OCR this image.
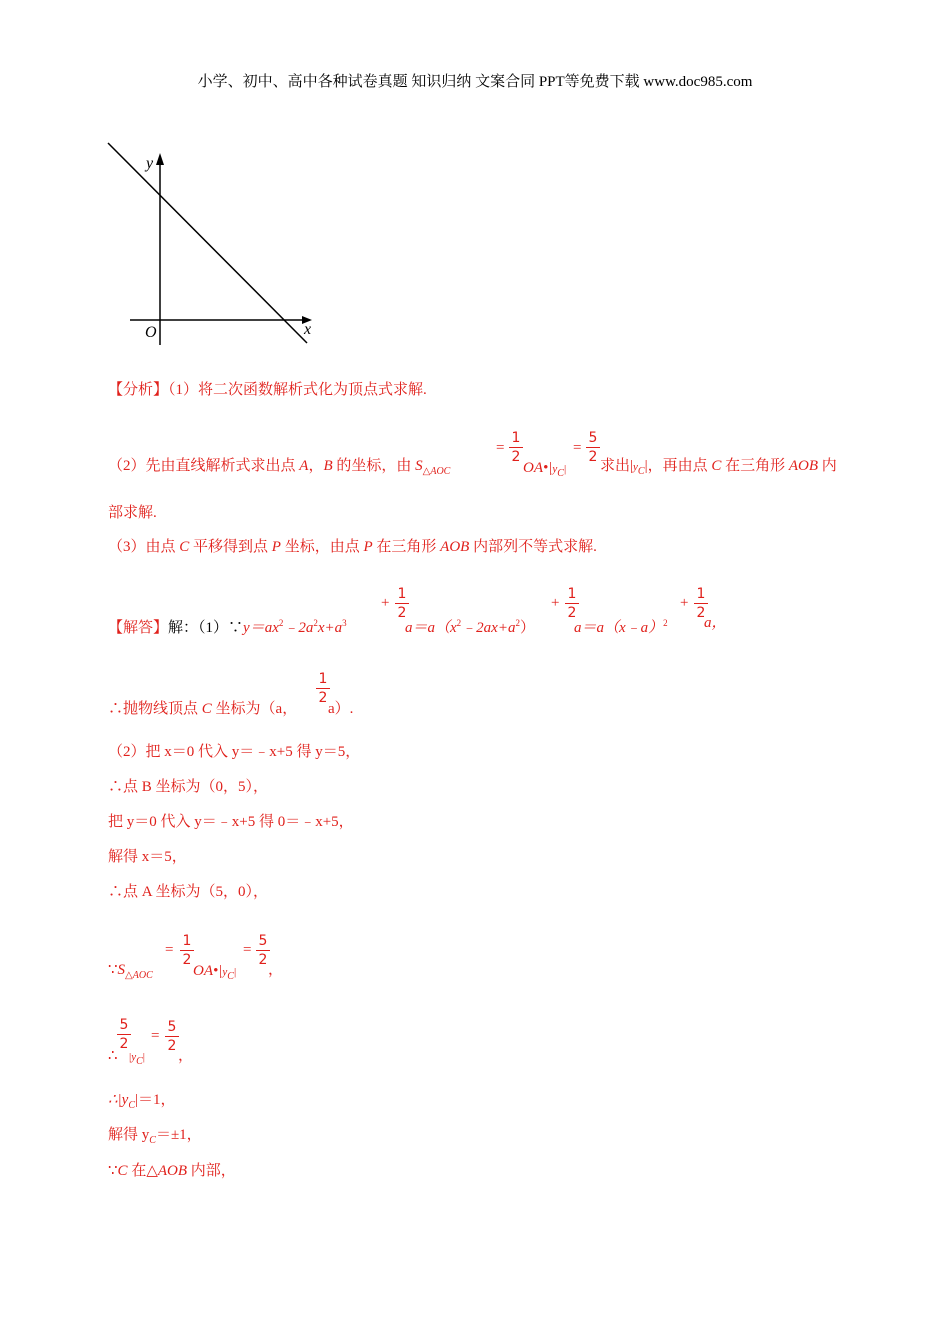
小学、初中、高中各种试卷真题 知识归纳 文案合同 PPT等免费下载 www.doc985.com
y
x
O
【分析】（1）将二次函数解析式化为顶点式求解.
（2）先由直线解析式求出点 A，B 的坐标，由 $S_{\triangle AOC}$
=
1
2
$OA•|y_C|$
=
5
2
求出$|y_C|$，再由点 C 在三角形 AOB 内
部求解.
（3）由点 C 平移得到点 P 坐标，由点 P 在三角形 AOB 内部列不等式求解.
【解答】解：$(1)\because y=ax^2﹣2a^2x+a^3$
+
1
2
$a=a(x^2﹣2ax+a^2)$
+
1
2
a＝a（x﹣a）$^2$
+
1
2
a，
∴抛物线顶点 C 坐标为（a，
1
2
a）.
（2）把 x＝0 代入 y＝﹣x+5 得 y＝5，
∴点 B 坐标为（0，5），
把 y＝0 代入 y＝﹣x+5 得 0＝﹣x+5，
解得 x＝5，
∴点 A 坐标为（5，0），
$\because S_{\triangle AOC}$
=
1
2
$OA•|y_C|$
=
5
2
，
5
2
∴ $|y_C|$
=
5
2
，
$\therefore|y_C|=1$，
解得 $y_C=\pm 1$，
∵C 在△AOB 内部，
